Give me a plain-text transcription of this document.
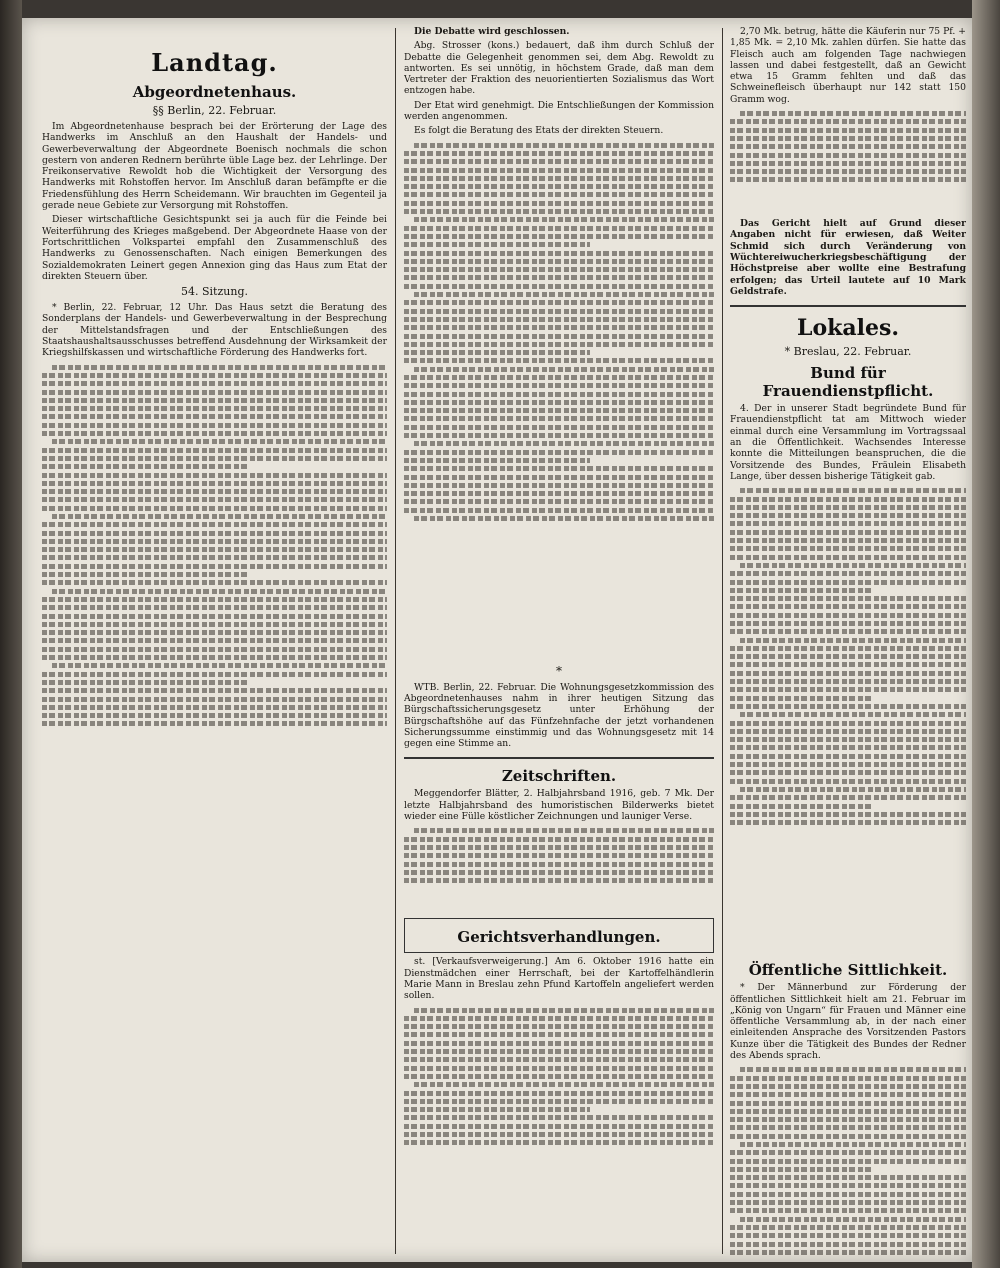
Landtag.
Abgeordnetenhaus.
§§ Berlin, 22. Februar.

Im Abgeordnetenhause besprach bei der Erörterung der Lage des Handwerks im Anschluß an den Haushalt der Handels- und Gewerbeverwaltung der Abgeordnete Boenisch nochmals die schon gestern von anderen Rednern berührte üble Lage bez. der Lehrlinge. Der Freikonservative Rewoldt hob die Wichtigkeit der Versorgung des Handwerks mit Rohstoffen hervor. Im Anschluß daran befämpfte er die Friedensfühlung des Herrn Scheidemann. Wir brauchten im Gegenteil ja gerade neue Gebiete zur Versorgung mit Rohstoffen.

Dieser wirtschaftliche Gesichtspunkt sei ja auch für die Feinde bei Weiterführung des Krieges maßgebend. Der Abgeordnete Haase von der Fortschrittlichen Volkspartei empfahl den Zusammenschluß des Handwerks zu Genossenschaften. Nach einigen Bemerkungen des Sozialdemokraten Leinert gegen Annexion ging das Haus zum Etat der direkten Steuern über.

54. Sitzung.

* Berlin, 22. Februar, 12 Uhr. Das Haus setzt die Beratung des Sonderplans der Handels- und Gewerbeverwaltung in der Besprechung der Mittelstandsfragen und der Entschließungen des Staatshaushaltsausschusses betreffend Ausdehnung der Wirksamkeit der Kriegshilfskassen und wirtschaftliche Förderung des Handwerks fort.

Die Debatte wird geschlossen.

Abg. Strosser (kons.) bedauert, daß ihm durch Schluß der Debatte die Gelegenheit genommen sei, dem Abg. Rewoldt zu antworten. Es sei unnötig, in höchstem Grade, daß man dem Vertreter der Fraktion des neuorientierten Sozialismus das Wort entzogen habe.

Der Etat wird genehmigt. Die Entschließungen der Kommission werden angenommen.

Es folgt die Beratung des Etats der direkten Steuern.

*

WTB. Berlin, 22. Februar. Die Wohnungsgesetzkommission des Abgeordnetenhauses nahm in ihrer heutigen Sitzung das Bürgschaftssicherungsgesetz unter Erhöhung der Bürgschaftshöhe auf das Fünfzehnfache der jetzt vorhandenen Sicherungssumme einstimmig und das Wohnungsgesetz mit 14 gegen eine Stimme an.

Zeitschriften.

Meggendorfer Blätter, 2. Halbjahrsband 1916, geb. 7 Mk. Der letzte Halbjahrsband des humoristischen Bilderwerks bietet wieder eine Fülle köstlicher Zeichnungen und launiger Verse.

Gerichtsverhandlungen.

st. [Verkaufsverweigerung.] Am 6. Oktober 1916 hatte ein Dienstmädchen einer Herrschaft, bei der Kartoffelhändlerin Marie Mann in Breslau zehn Pfund Kartoffeln angeliefert werden sollen.

2,70 Mk. betrug, hätte die Käuferin nur 75 Pf. + 1,85 Mk. = 2,10 Mk. zahlen dürfen. Sie hatte das Fleisch auch am folgenden Tage nachwiegen lassen und dabei festgestellt, daß an Gewicht etwa 15 Gramm fehlten und daß das Schweinefleisch überhaupt nur 142 statt 150 Gramm wog.

Das Gericht hielt auf Grund dieser Angaben nicht für erwiesen, daß Weiter Schmid sich durch Veränderung von Wüchtereiwucherkriegsbeschäftigung der Höchstpreise aber wollte eine Bestrafung erfolgen; das Urteil lautete auf 10 Mark Geldstrafe.

Lokales.
* Breslau, 22. Februar.
Bund für Frauendienstpflicht.

4. Der in unserer Stadt begründete Bund für Frauendienstpflicht tat am Mittwoch wieder einmal durch eine Versammlung im Vortragssaal an die Öffentlichkeit. Wachsendes Interesse konnte die Mitteilungen beanspruchen, die die Vorsitzende des Bundes, Fräulein Elisabeth Lange, über dessen bisherige Tätigkeit gab.

Öffentliche Sittlichkeit.

* Der Männerbund zur Förderung der öffentlichen Sittlichkeit hielt am 21. Februar im „König von Ungarn“ für Frauen und Männer eine öffentliche Versammlung ab, in der nach einer einleitenden Ansprache des Vorsitzenden Pastors Kunze über die Tätigkeit des Bundes der Redner des Abends sprach.
